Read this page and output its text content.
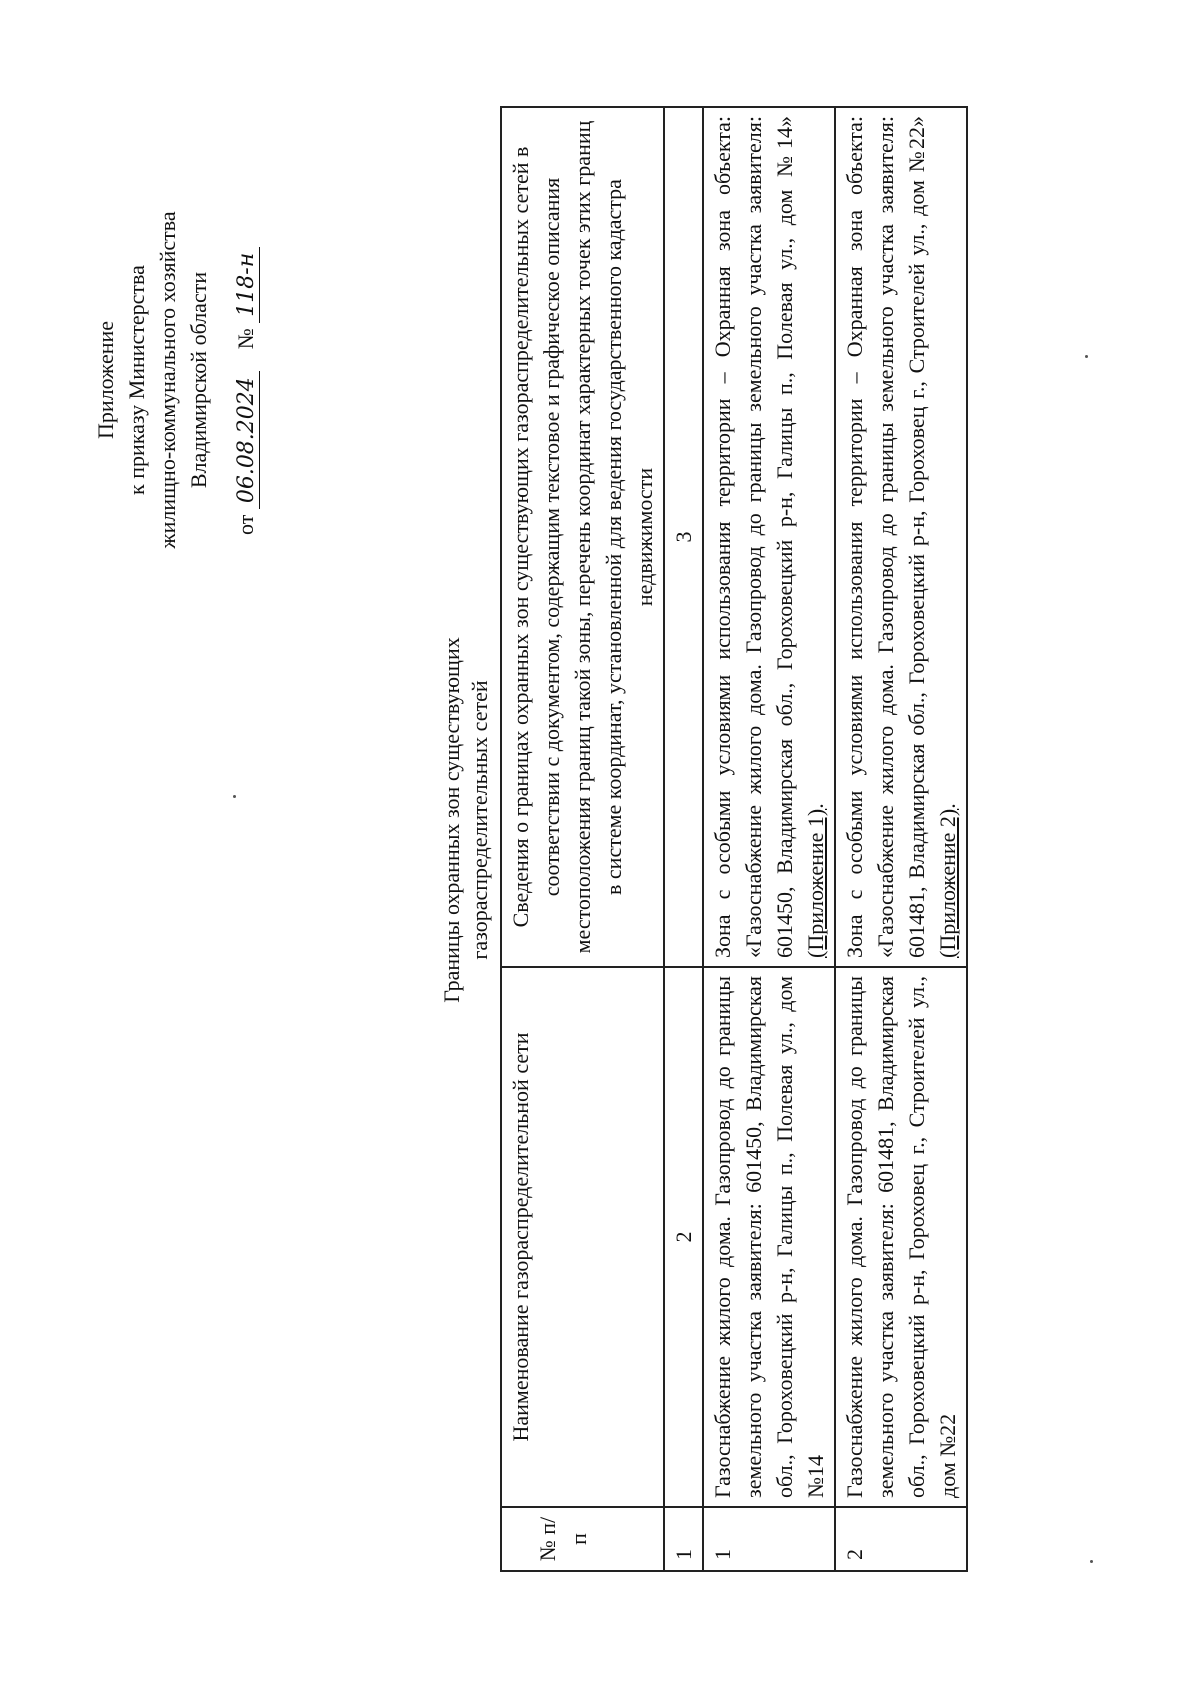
Приложение к приказу Министерства жилищно-коммунального хозяйства Владимирской области
от 06.08.2024    № 118-н
Границы охранных зон существующих газораспределительных сетей
№ п/п	Наименование газораспределительной сети	Сведения о границах охранных зон существующих газораспределительных сетей в соответствии с документом, содержащим текстовое и графическое описания местоположения границ такой зоны, перечень координат характерных точек этих границ в системе координат, установленной для ведения государственного кадастра недвижимости
1	2	3
1	Газоснабжение жилого дома. Газопровод до границы земельного участка заявителя: 601450, Владимирская обл., Гороховецкий р-н, Галицы п., Полевая ул., дом №14	Зона с особыми условиями использования территории – Охранная зона объекта: «Газоснабжение жилого дома. Газопровод до границы земельного участка заявителя: 601450, Владимирская обл., Гороховецкий р-н, Галицы п., Полевая ул., дом №14» (Приложение 1).
2	Газоснабжение жилого дома. Газопровод до границы земельного участка заявителя: 601481, Владимирская обл., Гороховецкий р-н, Гороховец г., Строителей ул., дом №22	Зона с особыми условиями использования территории – Охранная зона объекта: «Газоснабжение жилого дома. Газопровод до границы земельного участка заявителя: 601481, Владимирская обл., Гороховецкий р-н, Гороховец г., Строителей ул., дом №22» (Приложение 2).
